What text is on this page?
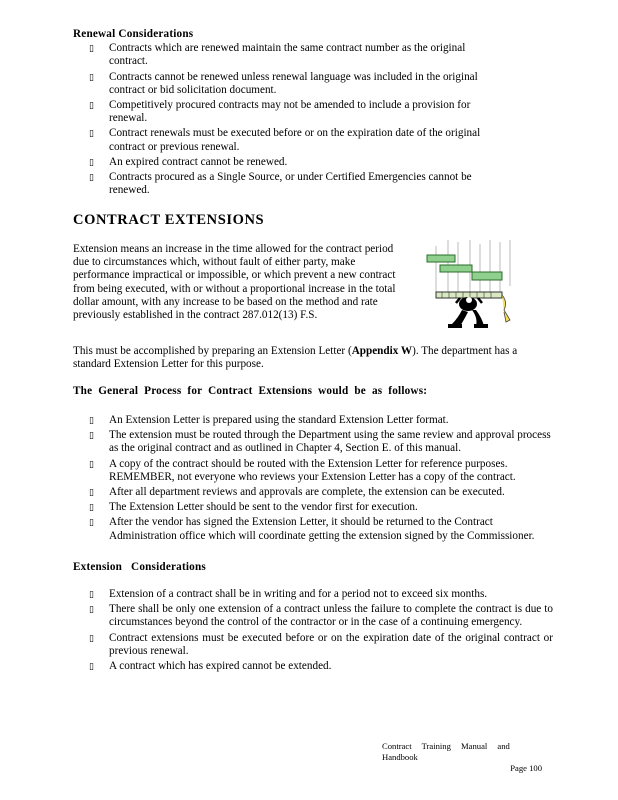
Renewal Considerations
▯ Contracts which are renewed maintain the same contract number as the original contract.
▯ Contracts cannot be renewed unless renewal language was included in the original contract or bid solicitation document.
▯ Competitively procured contracts may not be amended to include a provision for renewal.
▯ Contract renewals must be executed before or on the expiration date of the original contract or previous renewal.
▯ An expired contract cannot be renewed.
▯ Contracts procured as a Single Source, or under Certified Emergencies cannot be renewed.
CONTRACT EXTENSIONS

Extension means an increase in the time allowed for the contract period due to circumstances which, without fault of either party, make performance impractical or impossible, or which prevent a new contract from being executed, with or without a proportional increase in the total dollar amount, with any increase to be based on the method and rate previously established in the contract 287.012(13) F.S.

This must be accomplished by preparing an Extension Letter (Appendix W). The department has a standard Extension Letter for this purpose.

The General Process for Contract Extensions would be as follows:
▯ An Extension Letter is prepared using the standard Extension Letter format.
▯ The extension must be routed through the Department using the same review and approval process as the original contract and as outlined in Chapter 4, Section E. of this manual.
▯ A copy of the contract should be routed with the Extension Letter for reference purposes. REMEMBER, not everyone who reviews your Extension Letter has a copy of the contract.
▯ After all department reviews and approvals are complete, the extension can be executed.
▯ The Extension Letter should be sent to the vendor first for execution.
▯ After the vendor has signed the Extension Letter, it should be returned to the Contract Administration office which will coordinate getting the extension signed by the Commissioner.
Extension Considerations
▯ Extension of a contract shall be in writing and for a period not to exceed six months.
▯ There shall be only one extension of a contract unless the failure to complete the contract is due to circumstances beyond the control of the contractor or in the case of a continuing emergency.
▯ Contract extensions must be executed before or on the expiration date of the original contract or previous renewal.
▯ A contract which has expired cannot be extended.
Contract Training Manual and Handbook
Page 100
